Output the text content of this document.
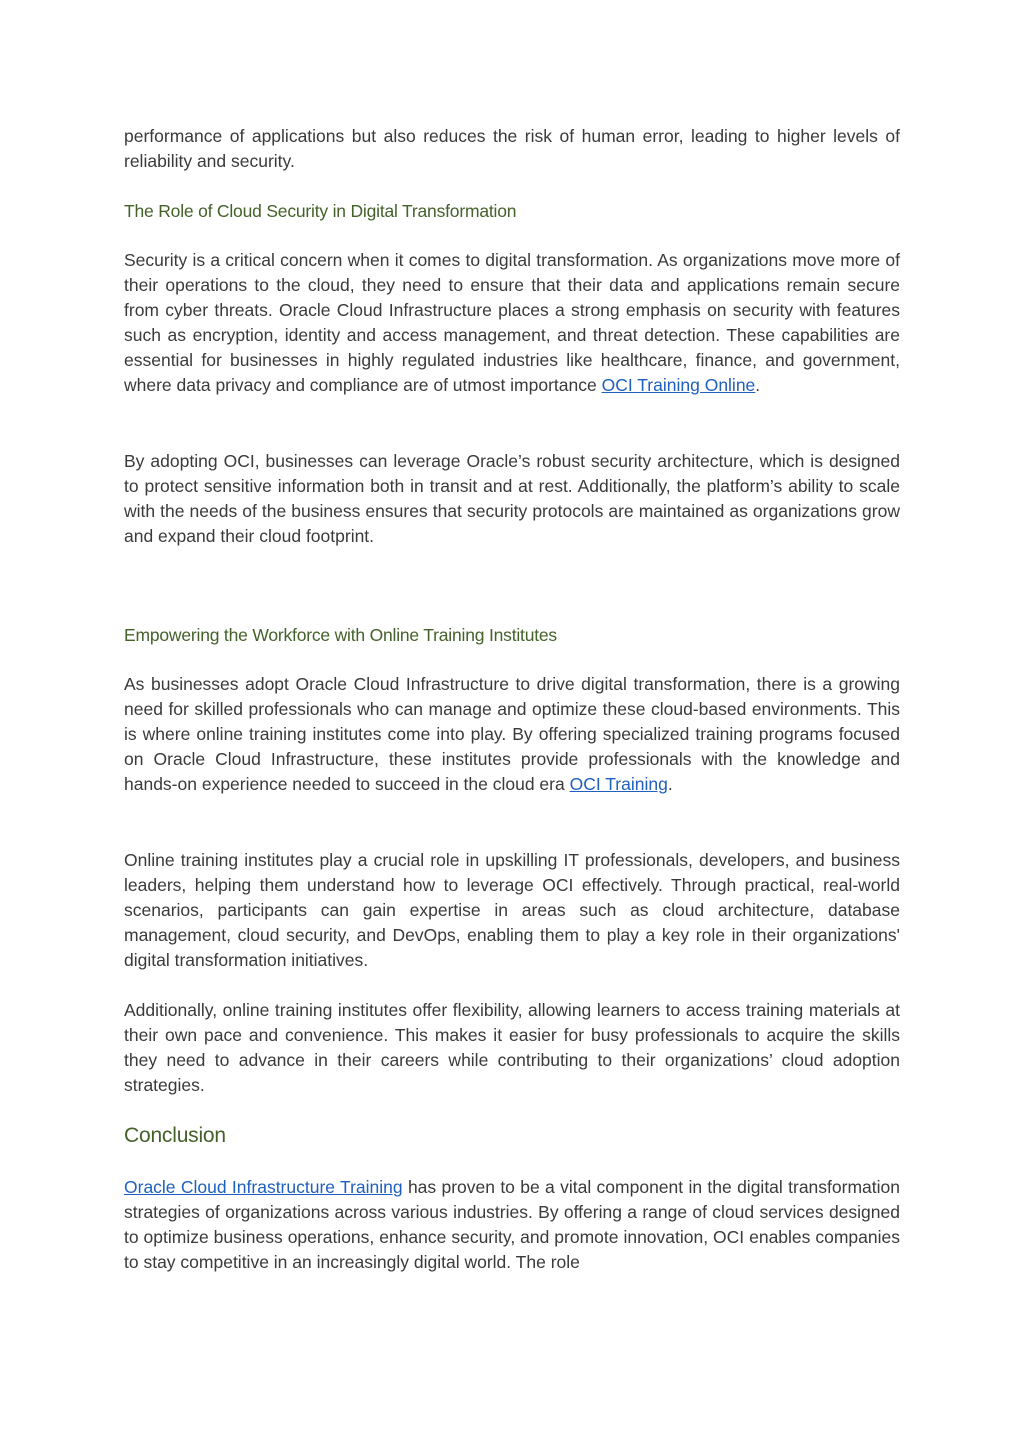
performance of applications but also reduces the risk of human error, leading to higher levels of reliability and security.

The Role of Cloud Security in Digital Transformation

Security is a critical concern when it comes to digital transformation. As organizations move more of their operations to the cloud, they need to ensure that their data and applications remain secure from cyber threats. Oracle Cloud Infrastructure places a strong emphasis on security with features such as encryption, identity and access management, and threat detection. These capabilities are essential for businesses in highly regulated industries like healthcare, finance, and government, where data privacy and compliance are of utmost importance OCI Training Online.

By adopting OCI, businesses can leverage Oracle’s robust security architecture, which is designed to protect sensitive information both in transit and at rest. Additionally, the platform’s ability to scale with the needs of the business ensures that security protocols are maintained as organizations grow and expand their cloud footprint.

Empowering the Workforce with Online Training Institutes

As businesses adopt Oracle Cloud Infrastructure to drive digital transformation, there is a growing need for skilled professionals who can manage and optimize these cloud-based environments. This is where online training institutes come into play. By offering specialized training programs focused on Oracle Cloud Infrastructure, these institutes provide professionals with the knowledge and hands-on experience needed to succeed in the cloud era OCI Training.

Online training institutes play a crucial role in upskilling IT professionals, developers, and business leaders, helping them understand how to leverage OCI effectively. Through practical, real-world scenarios, participants can gain expertise in areas such as cloud architecture, database management, cloud security, and DevOps, enabling them to play a key role in their organizations' digital transformation initiatives.

Additionally, online training institutes offer flexibility, allowing learners to access training materials at their own pace and convenience. This makes it easier for busy professionals to acquire the skills they need to advance in their careers while contributing to their organizations’ cloud adoption strategies.

Conclusion

Oracle Cloud Infrastructure Training has proven to be a vital component in the digital transformation strategies of organizations across various industries. By offering a range of cloud services designed to optimize business operations, enhance security, and promote innovation, OCI enables companies to stay competitive in an increasingly digital world. The role
